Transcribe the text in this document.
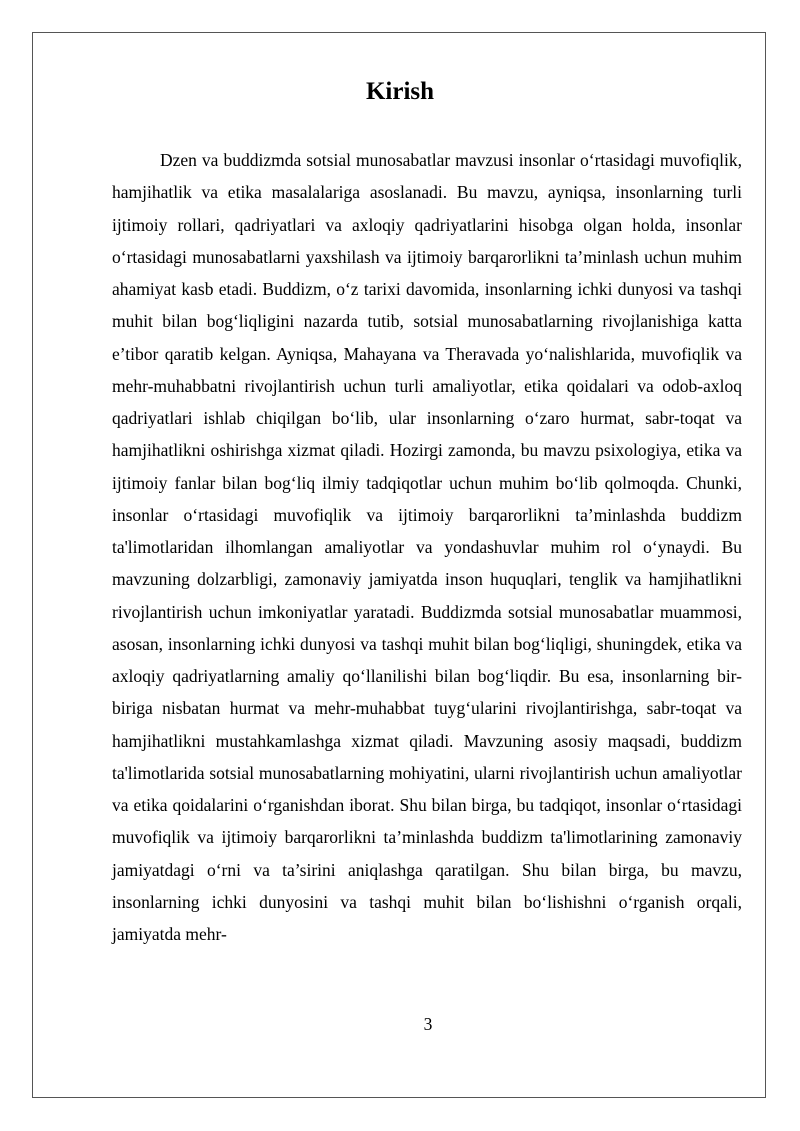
Kirish

Dzen va buddizmda sotsial munosabatlar mavzusi insonlar o‘rtasidagi muvofiqlik, hamjihatlik va etika masalalariga asoslanadi. Bu mavzu, ayniqsa, insonlarning turli ijtimoiy rollari, qadriyatlari va axloqiy qadriyatlarini hisobga olgan holda, insonlar o‘rtasidagi munosabatlarni yaxshilash va ijtimoiy barqarorlikni ta’minlash uchun muhim ahamiyat kasb etadi. Buddizm, o‘z tarixi davomida, insonlarning ichki dunyosi va tashqi muhit bilan bog‘liqligini nazarda tutib, sotsial munosabatlarning rivojlanishiga katta e’tibor qaratib kelgan. Ayniqsa, Mahayana va Theravada yo‘nalishlarida, muvofiqlik va mehr-muhabbatni rivojlantirish uchun turli amaliyotlar, etika qoidalari va odob-axloq qadriyatlari ishlab chiqilgan bo‘lib, ular insonlarning o‘zaro hurmat, sabr-toqat va hamjihatlikni oshirishga xizmat qiladi. Hozirgi zamonda, bu mavzu psixologiya, etika va ijtimoiy fanlar bilan bog‘liq ilmiy tadqiqotlar uchun muhim bo‘lib qolmoqda. Chunki, insonlar o‘rtasidagi muvofiqlik va ijtimoiy barqarorlikni ta’minlashda buddizm ta'limotlaridan ilhomlangan amaliyotlar va yondashuvlar muhim rol o‘ynaydi. Bu mavzuning dolzarbligi, zamonaviy jamiyatda inson huquqlari, tenglik va hamjihatlikni rivojlantirish uchun imkoniyatlar yaratadi. Buddizmda sotsial munosabatlar muammosi, asosan, insonlarning ichki dunyosi va tashqi muhit bilan bog‘liqligi, shuningdek, etika va axloqiy qadriyatlarning amaliy qo‘llanilishi bilan bog‘liqdir. Bu esa, insonlarning bir-biriga nisbatan hurmat va mehr-muhabbat tuyg‘ularini rivojlantirishga, sabr-toqat va hamjihatlikni mustahkamlashga xizmat qiladi. Mavzuning asosiy maqsadi, buddizm ta'limotlarida sotsial munosabatlarning mohiyatini, ularni rivojlantirish uchun amaliyotlar va etika qoidalarini o‘rganishdan iborat. Shu bilan birga, bu tadqiqot, insonlar o‘rtasidagi muvofiqlik va ijtimoiy barqarorlikni ta’minlashda buddizm ta'limotlarining zamonaviy jamiyatdagi o‘rni va ta’sirini aniqlashga qaratilgan. Shu bilan birga, bu mavzu, insonlarning ichki dunyosini va tashqi muhit bilan bo‘lishishni o‘rganish orqali, jamiyatda mehr-

3
